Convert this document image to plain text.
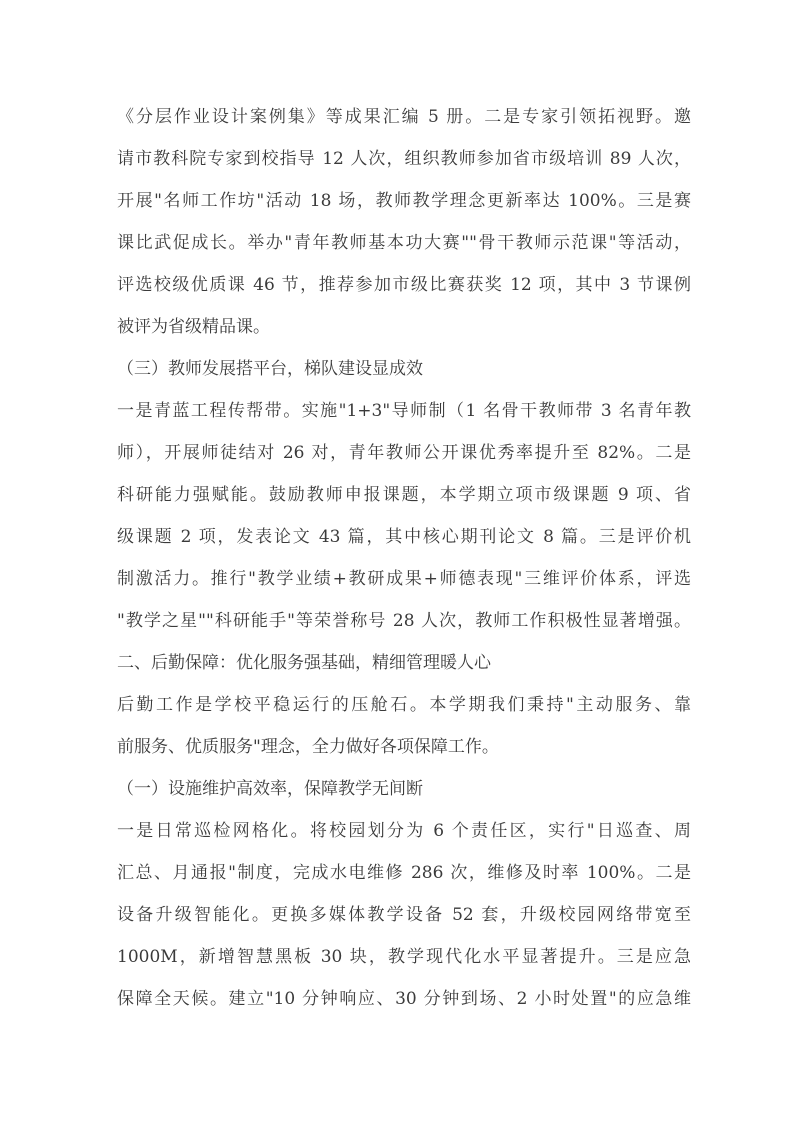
《分层作业设计案例集》等成果汇编 5 册。二是专家引领拓视野。邀
请市教科院专家到校指导 12 人次，组织教师参加省市级培训 89 人次，
开展"名师工作坊"活动 18 场，教师教学理念更新率达 100%。三是赛
课比武促成长。举办"青年教师基本功大赛""骨干教师示范课"等活动，
评选校级优质课 46 节，推荐参加市级比赛获奖 12 项，其中 3 节课例
被评为省级精品课。
（三）教师发展搭平台，梯队建设显成效
一是青蓝工程传帮带。实施"1+3"导师制（1 名骨干教师带 3 名青年教
师），开展师徒结对 26 对，青年教师公开课优秀率提升至 82%。二是
科研能力强赋能。鼓励教师申报课题，本学期立项市级课题 9 项、省
级课题 2 项，发表论文 43 篇，其中核心期刊论文 8 篇。三是评价机
制激活力。推行"教学业绩+教研成果+师德表现"三维评价体系，评选
"教学之星""科研能手"等荣誉称号 28 人次，教师工作积极性显著增强。
二、后勤保障：优化服务强基础，精细管理暖人心
后勤工作是学校平稳运行的压舱石。本学期我们秉持"主动服务、靠
前服务、优质服务"理念，全力做好各项保障工作。
（一）设施维护高效率，保障教学无间断
一是日常巡检网格化。将校园划分为 6 个责任区，实行"日巡查、周
汇总、月通报"制度，完成水电维修 286 次，维修及时率 100%。二是
设备升级智能化。更换多媒体教学设备 52 套，升级校园网络带宽至
1000M，新增智慧黑板 30 块，教学现代化水平显著提升。三是应急
保障全天候。建立"10 分钟响应、30 分钟到场、2 小时处置"的应急维
